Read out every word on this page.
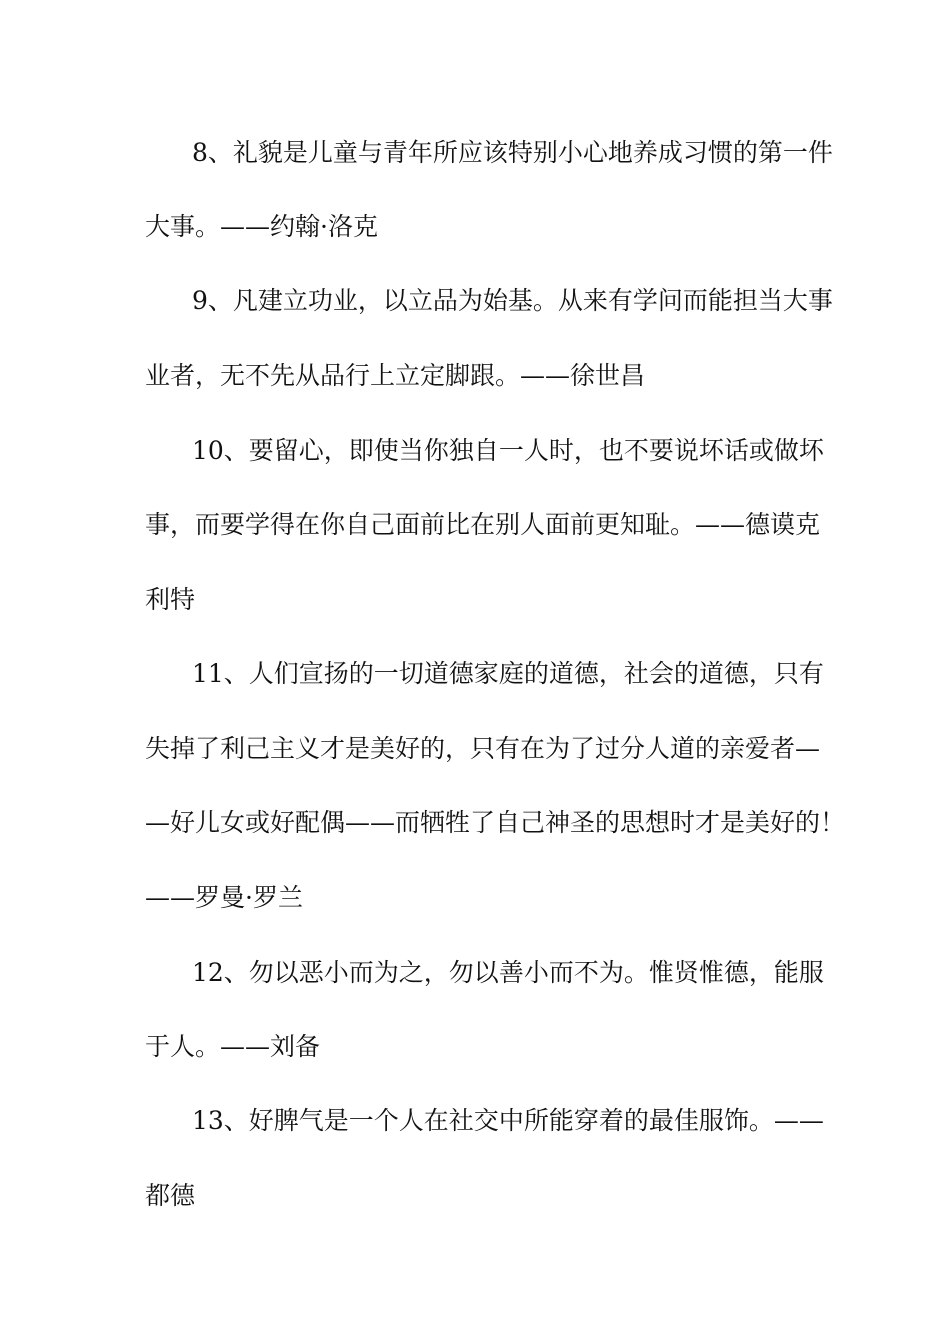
8、礼貌是儿童与青年所应该特别小心地养成习惯的第一件
大事。——约翰·洛克
9、凡建立功业，以立品为始基。从来有学问而能担当大事
业者，无不先从品行上立定脚跟。——徐世昌
10、要留心，即使当你独自一人时，也不要说坏话或做坏
事，而要学得在你自己面前比在别人面前更知耻。——德谟克
利特
11、人们宣扬的一切道德家庭的道德，社会的道德，只有
失掉了利己主义才是美好的，只有在为了过分人道的亲爱者—
—好儿女或好配偶——而牺牲了自己神圣的思想时才是美好的！
——罗曼·罗兰
12、勿以恶小而为之，勿以善小而不为。惟贤惟德，能服
于人。——刘备
13、好脾气是一个人在社交中所能穿着的最佳服饰。——
都德
